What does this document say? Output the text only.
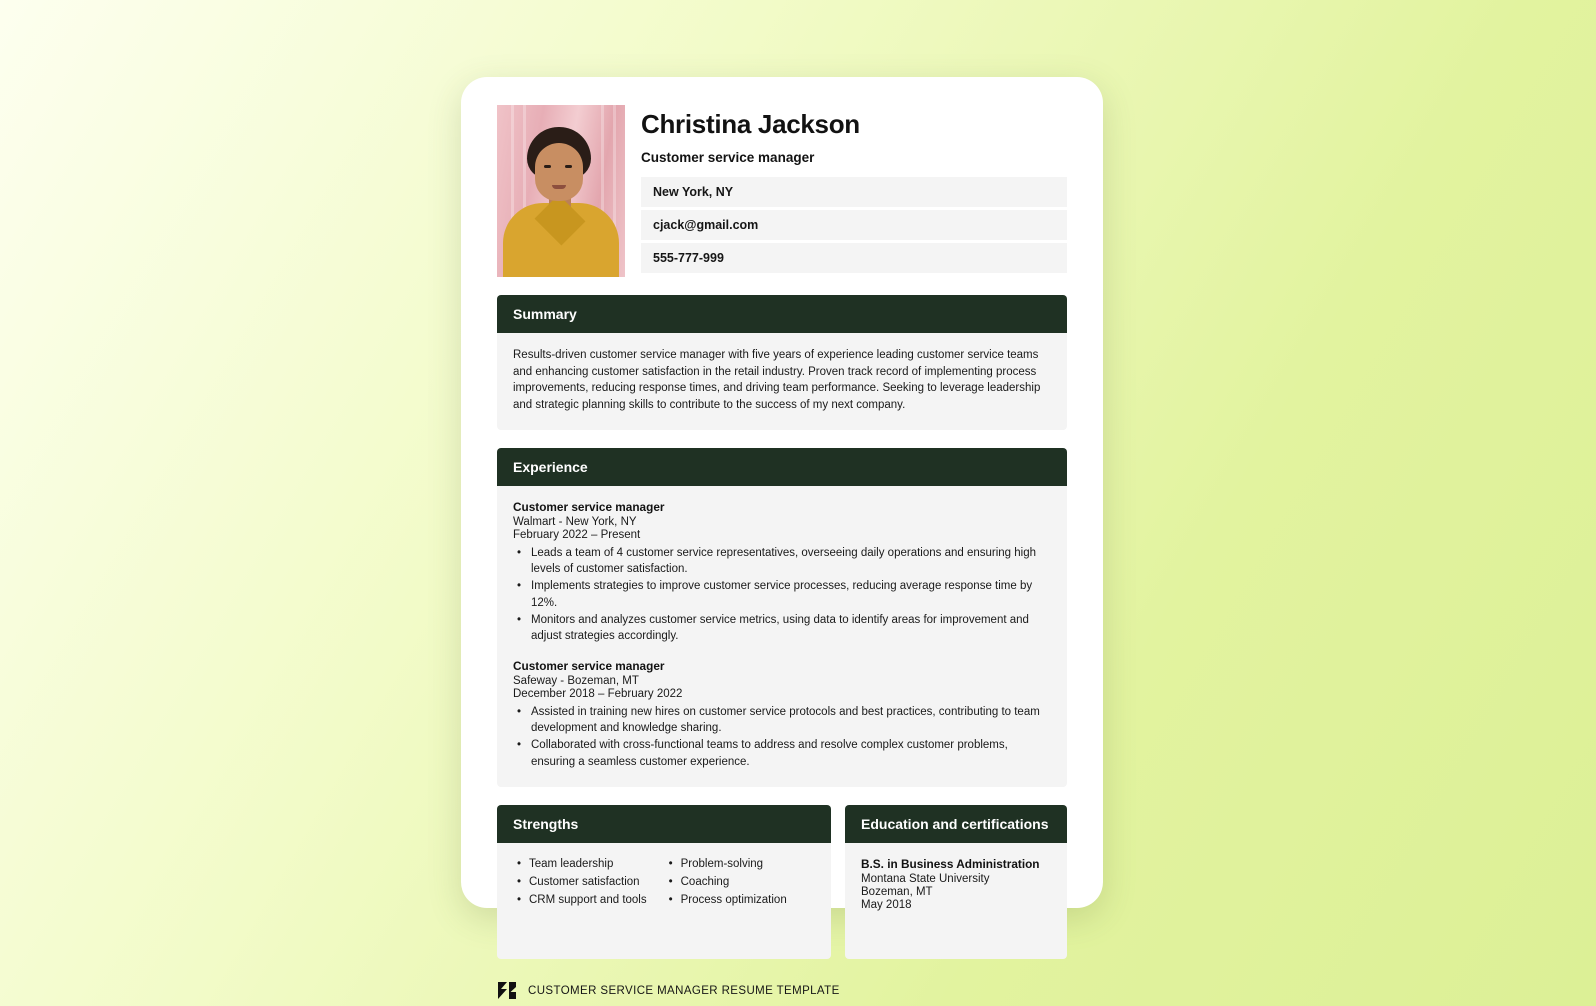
Christina Jackson
Customer service manager
New York, NY
cjack@gmail.com
555-777-999
Summary

Results-driven customer service manager with five years of experience leading customer service teams and enhancing customer satisfaction in the retail industry. Proven track record of implementing process improvements, reducing response times, and driving team performance. Seeking to leverage leadership and strategic planning skills to contribute to the success of my next company.

Experience
Customer service manager
Walmart - New York, NY
February 2022 – Present
• Leads a team of 4 customer service representatives, overseeing daily operations and ensuring high levels of customer satisfaction.
• Implements strategies to improve customer service processes, reducing average response time by 12%.
• Monitors and analyzes customer service metrics, using data to identify areas for improvement and adjust strategies accordingly.
Customer service manager
Safeway - Bozeman, MT
December 2018 – February 2022
• Assisted in training new hires on customer service protocols and best practices, contributing to team development and knowledge sharing.
• Collaborated with cross-functional teams to address and resolve complex customer problems, ensuring a seamless customer experience.
Strengths
• Team leadership
• Customer satisfaction
• CRM support and tools
• Problem-solving
• Coaching
• Process optimization
Education and certifications
B.S. in Business Administration
Montana State University
Bozeman, MT
May 2018
CUSTOMER SERVICE MANAGER RESUME TEMPLATE
